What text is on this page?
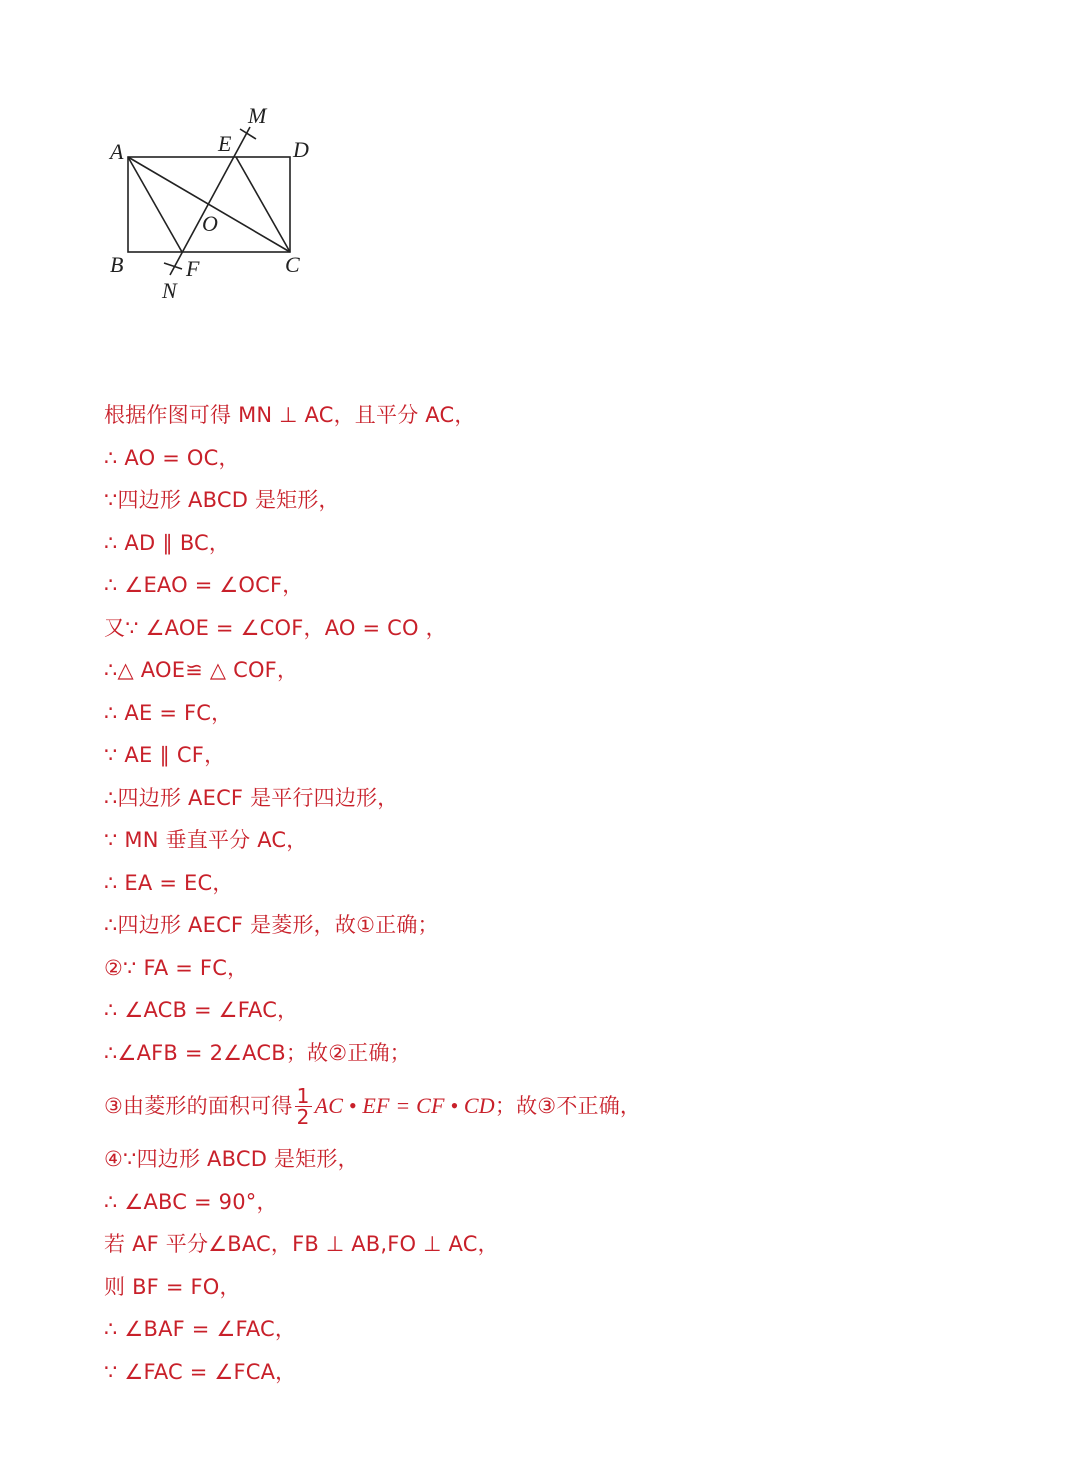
M
A	E	D
O
B	F	C
N
根据作图可得 MN ⊥ AC，且平分 AC，
∴ AO = OC，
∵四边形 ABCD 是矩形，
∴ AD ∥ BC，
∴ ∠EAO = ∠OCF，
又∵ ∠AOE = ∠COF，AO = CO ，
∴△ AOE≌ △ COF，
∴ AE = FC，
∵ AE ∥ CF，
∴四边形 AECF 是平行四边形，
∵ MN 垂直平分 AC，
∴ EA = EC，
∴四边形 AECF 是菱形，故①正确；
②∵ FA = FC，
∴ ∠ACB = ∠FAC，
∴∠AFB = 2∠ACB；故②正确；
③由菱形的面积可得 $\frac{1}{2}$ AC • EF = CF • CD；故③不正确，
④∵四边形 ABCD 是矩形，
∴ ∠ABC = 90°，
若 AF 平分∠BAC，FB ⊥ AB,FO ⊥ AC，
则 BF = FO，
∴ ∠BAF = ∠FAC，
∵ ∠FAC = ∠FCA，
